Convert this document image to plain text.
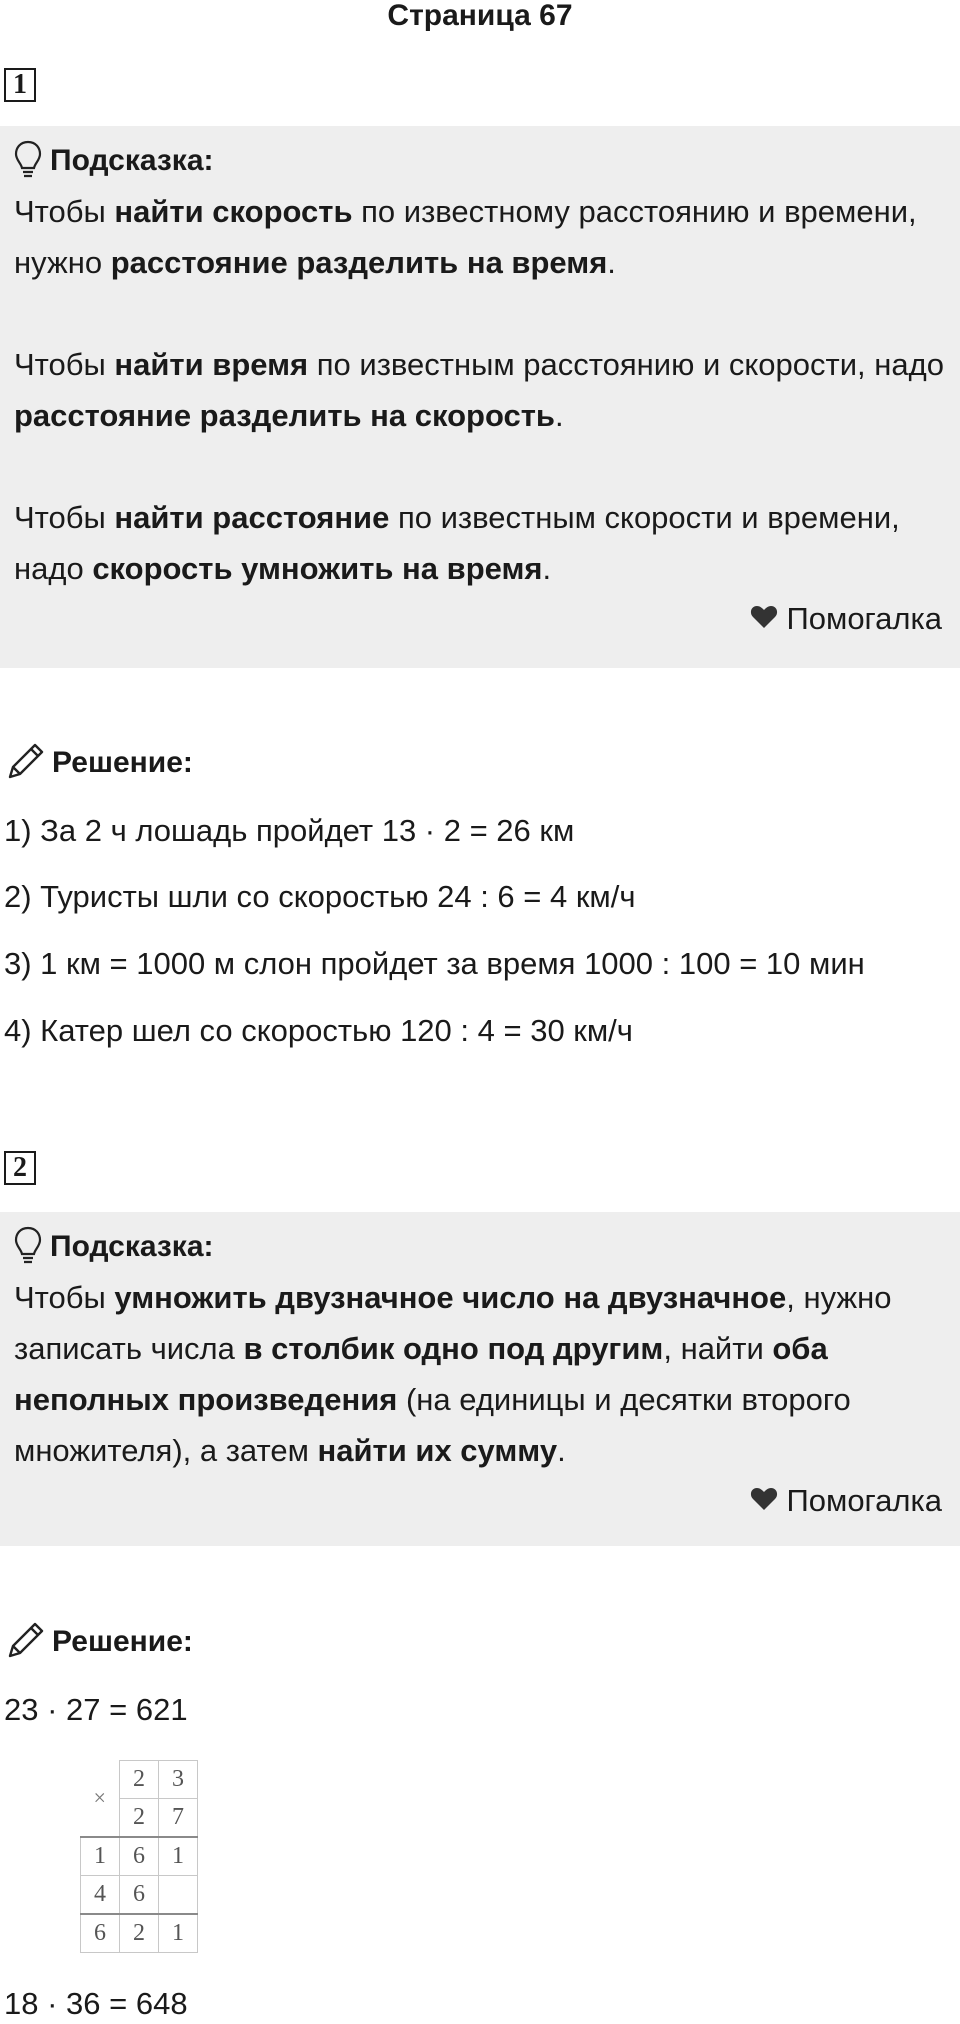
Страница 67
1
Подсказка:

Чтобы найти скорость по известному расстоянию и времени, нужно расстояние разделить на время.

Чтобы найти время по известным расстоянию и скорости, надо расстояние разделить на скорость.

Чтобы найти расстояние по известным скорости и времени, надо скорость умножить на время.

Помогалка
Решение:
1) За 2 ч лошадь пройдет 13 · 2 = 26 км
2) Туристы шли со скоростью 24 : 6 = 4 км/ч
3) 1 км = 1000 м слон пройдет за время 1000 : 100 = 10 мин
4) Катер шел со скоростью 120 : 4 = 30 км/ч
2
Подсказка:

Чтобы умножить двузначное число на двузначное, нужно записать числа в столбик одно под другим, найти оба неполных произведения (на единицы и десятки второго множителя), а затем найти их сумму.

Помогалка
Решение:
23 · 27 = 621
×	2	3
	2	7
1	6	1
4	6	
6	2	1
18 · 36 = 648
